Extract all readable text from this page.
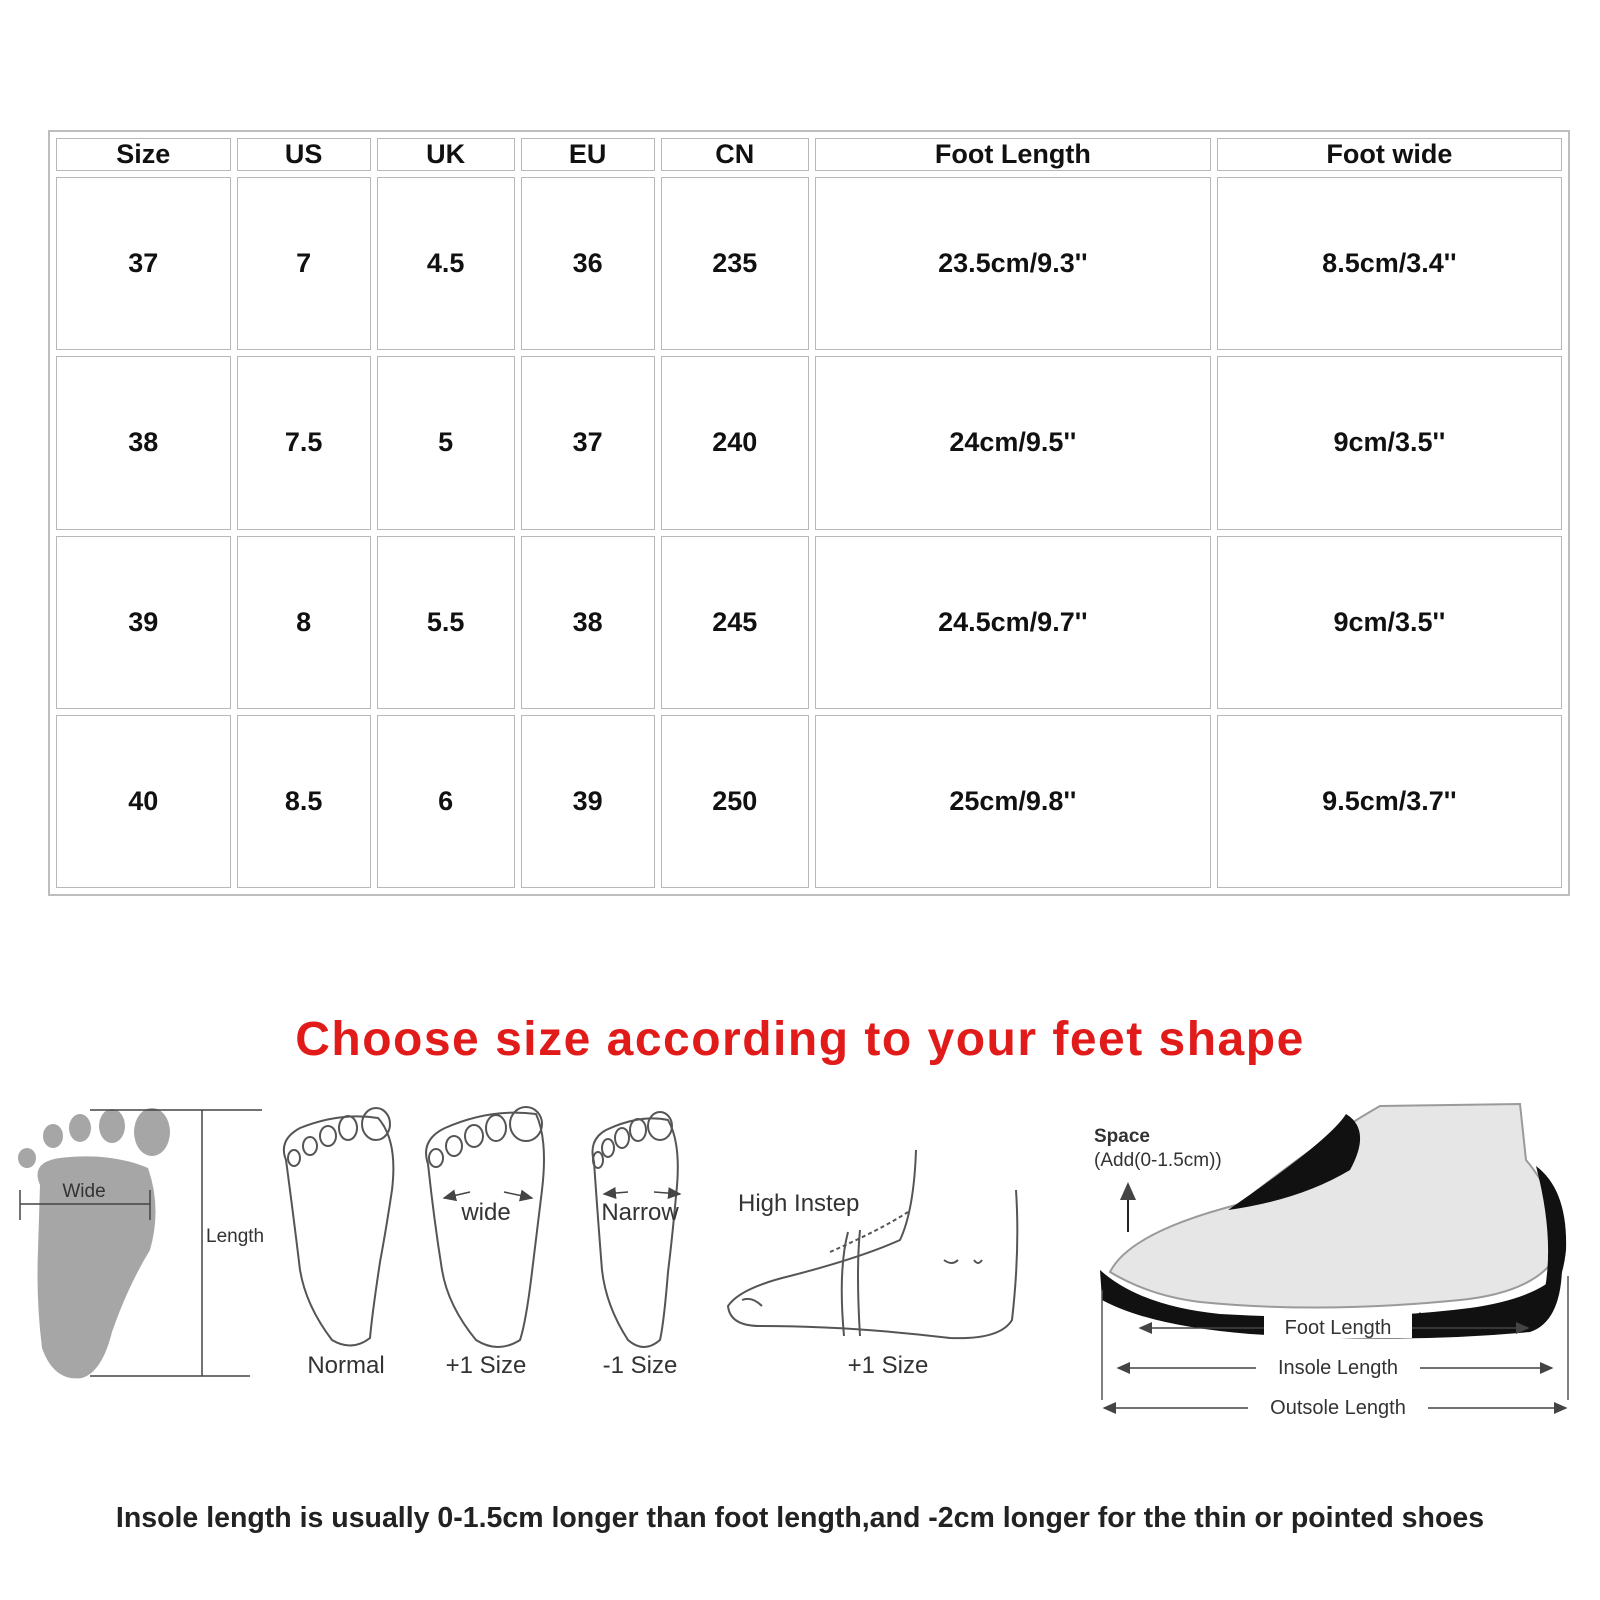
Size	US	UK	EU	CN	Foot Length	Foot wide
37	7	4.5	36	235	23.5cm/9.3''	8.5cm/3.4''
38	7.5	5	37	240	24cm/9.5''	9cm/3.5''
39	8	5.5	38	245	24.5cm/9.7''	9cm/3.5''
40	8.5	6	39	250	25cm/9.8''	9.5cm/3.7''
Choose size according to your feet shape
Wide
Length
Normal
wide
+1 Size
Narrow
-1 Size
High Instep
+1 Size
Space
(Add(0-1.5cm))
Foot Length
Insole Length
Outsole Length
Insole length is usually 0-1.5cm longer than foot length,and -2cm longer for the thin or pointed shoes
